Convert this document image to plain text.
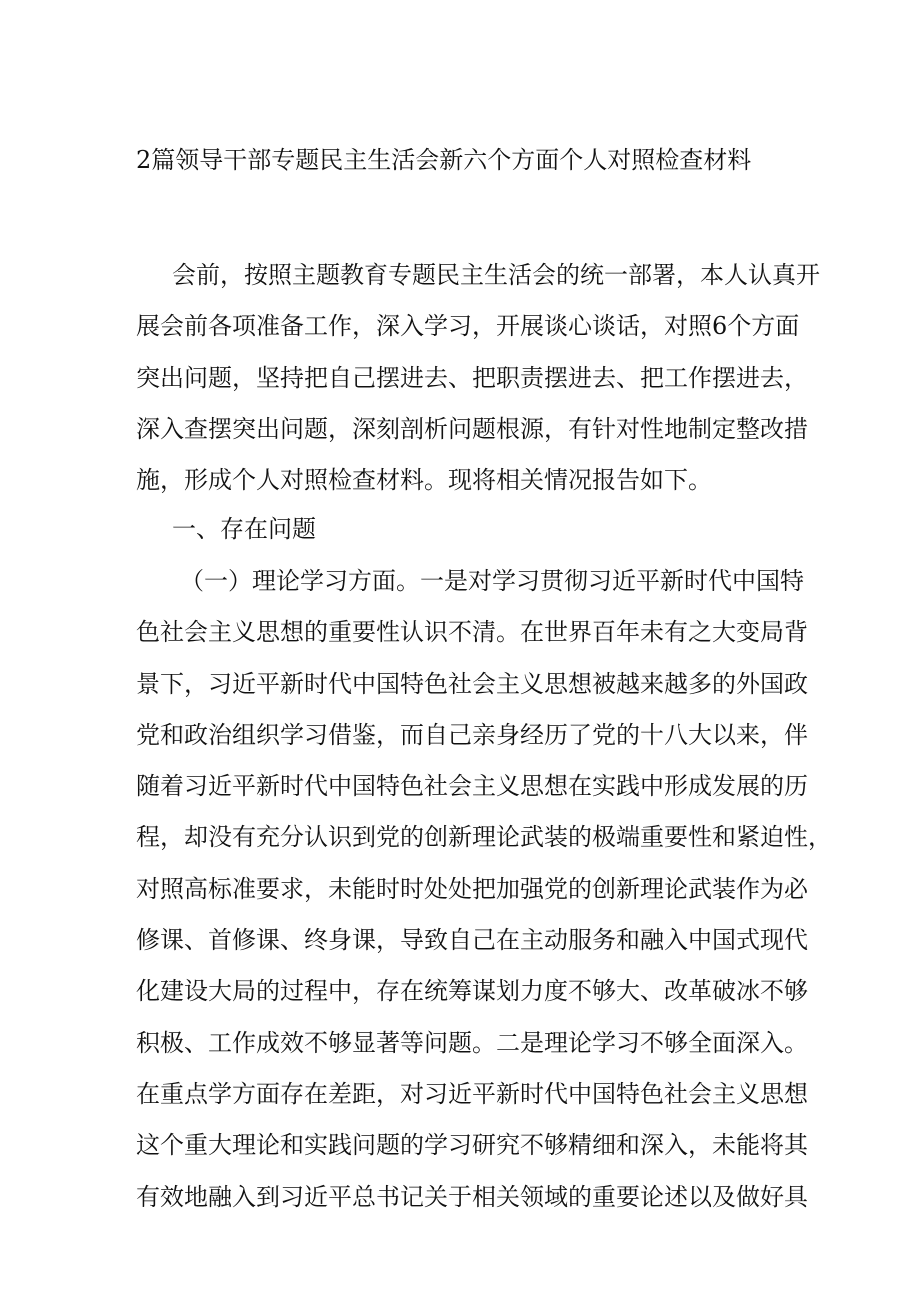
2篇领导干部专题民主生活会新六个方面个人对照检查材料
会前，按照主题教育专题民主生活会的统一部署，本人认真开
展会前各项准备工作，深入学习，开展谈心谈话，对照6个方面
突出问题，坚持把自己摆进去、把职责摆进去、把工作摆进去，
深入查摆突出问题，深刻剖析问题根源，有针对性地制定整改措
施，形成个人对照检查材料。现将相关情况报告如下。
一、存在问题
（一）理论学习方面。一是对学习贯彻习近平新时代中国特
色社会主义思想的重要性认识不清。在世界百年未有之大变局背
景下，习近平新时代中国特色社会主义思想被越来越多的外国政
党和政治组织学习借鉴，而自己亲身经历了党的十八大以来，伴
随着习近平新时代中国特色社会主义思想在实践中形成发展的历
程，却没有充分认识到党的创新理论武装的极端重要性和紧迫性，
对照高标准要求，未能时时处处把加强党的创新理论武装作为必
修课、首修课、终身课，导致自己在主动服务和融入中国式现代
化建设大局的过程中，存在统筹谋划力度不够大、改革破冰不够
积极、工作成效不够显著等问题。二是理论学习不够全面深入。
在重点学方面存在差距，对习近平新时代中国特色社会主义思想
这个重大理论和实践问题的学习研究不够精细和深入，未能将其
有效地融入到习近平总书记关于相关领域的重要论述以及做好具
